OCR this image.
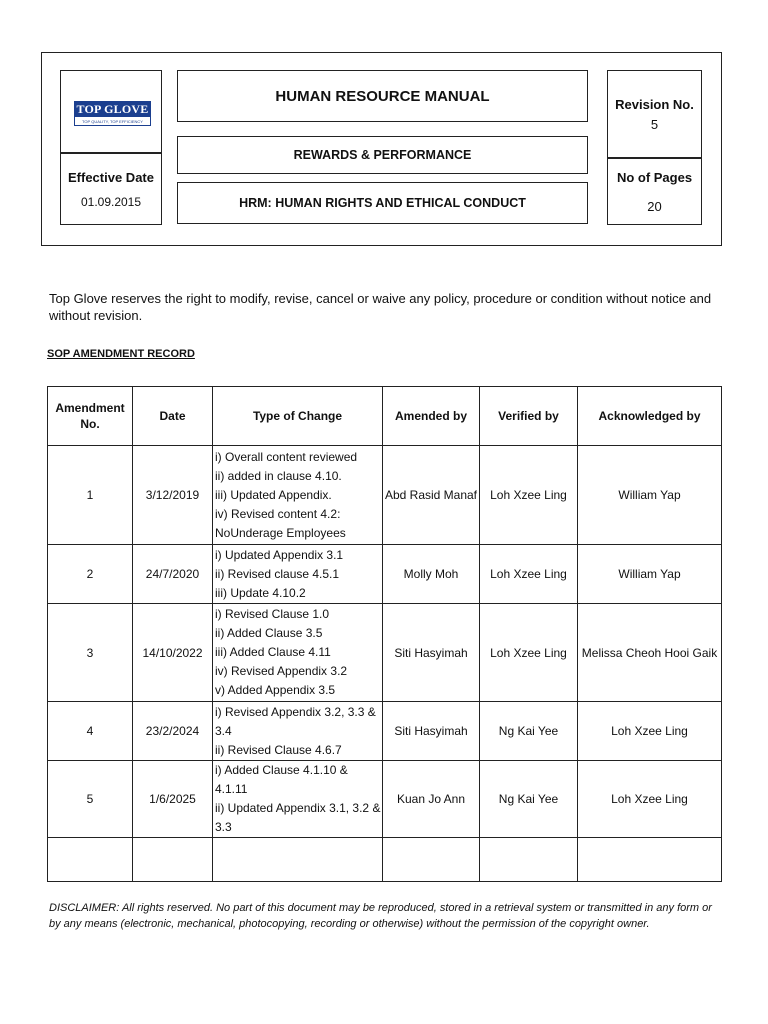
TOP GLOVE
TOP QUALITY, TOP EFFICIENCY
Effective Date
01.09.2015
HUMAN RESOURCE MANUAL
REWARDS & PERFORMANCE
HRM: HUMAN RIGHTS AND ETHICAL CONDUCT
Revision No.
5
No of Pages
20
Top Glove reserves the right to modify, revise, cancel or waive any policy, procedure or condition without notice and without revision.
SOP AMENDMENT RECORD
Amendment No.	Date	Type of Change	Amended by	Verified by	Acknowledged by
1	3/12/2019	i) Overall content reviewed
ii) added in clause 4.10.
iii) Updated Appendix.
iv) Revised content 4.2:
NoUnderage Employees	Abd Rasid Manaf	Loh Xzee Ling	William Yap
2	24/7/2020	i) Updated Appendix 3.1
ii) Revised clause 4.5.1
iii) Update 4.10.2	Molly Moh	Loh Xzee Ling	William Yap
3	14/10/2022	i) Revised Clause 1.0
ii) Added Clause 3.5
iii) Added Clause 4.11
iv) Revised Appendix 3.2
v) Added Appendix 3.5	Siti Hasyimah	Loh Xzee Ling	Melissa Cheoh Hooi Gaik
4	23/2/2024	i) Revised Appendix 3.2, 3.3 & 3.4
ii) Revised Clause 4.6.7	Siti Hasyimah	Ng Kai Yee	Loh Xzee Ling
5	1/6/2025	i) Added Clause 4.1.10 & 4.1.11
ii) Updated Appendix 3.1, 3.2 & 3.3	Kuan Jo Ann	Ng Kai Yee	Loh Xzee Ling

DISCLAIMER: All rights reserved. No part of this document may be reproduced, stored in a retrieval system or transmitted in any form or by any means (electronic, mechanical, photocopying, recording or otherwise) without the permission of the copyright owner.
